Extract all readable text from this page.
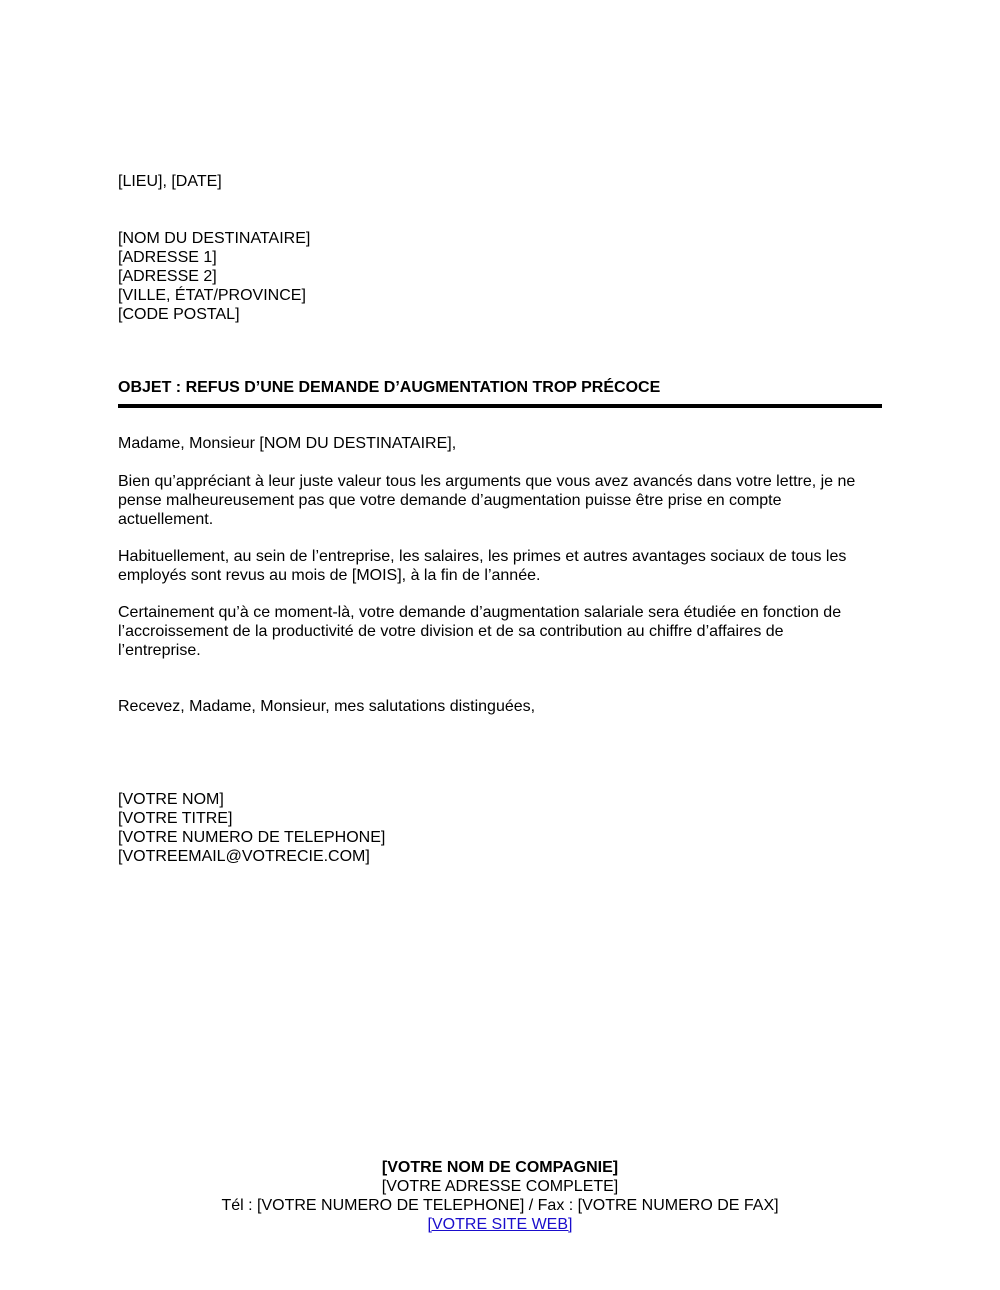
[LIEU], [DATE]
[NOM DU DESTINATAIRE]
[ADRESSE 1]
[ADRESSE 2]
[VILLE, ÉTAT/PROVINCE]
[CODE POSTAL]
OBJET : REFUS D’UNE DEMANDE D’AUGMENTATION TROP PRÉCOCE
Madame, Monsieur [NOM DU DESTINATAIRE],
Bien qu’appréciant à leur juste valeur tous les arguments que vous avez avancés dans votre lettre, je ne
pense malheureusement pas que votre demande d’augmentation puisse être prise en compte
actuellement.
Habituellement, au sein de l’entreprise, les salaires, les primes et autres avantages sociaux de tous les
employés sont revus au mois de [MOIS], à la fin de l’année.
Certainement qu’à ce moment-là, votre demande d’augmentation salariale sera étudiée en fonction de
l’accroissement de la productivité de votre division et de sa contribution au chiffre d’affaires de
l’entreprise.
Recevez, Madame, Monsieur, mes salutations distinguées,
[VOTRE NOM]
[VOTRE TITRE]
[VOTRE NUMERO DE TELEPHONE]
[VOTREEMAIL@VOTRECIE.COM]
[VOTRE NOM DE COMPAGNIE]
[VOTRE ADRESSE COMPLETE]
Tél : [VOTRE NUMERO DE TELEPHONE] / Fax : [VOTRE NUMERO DE FAX]
[VOTRE SITE WEB]
